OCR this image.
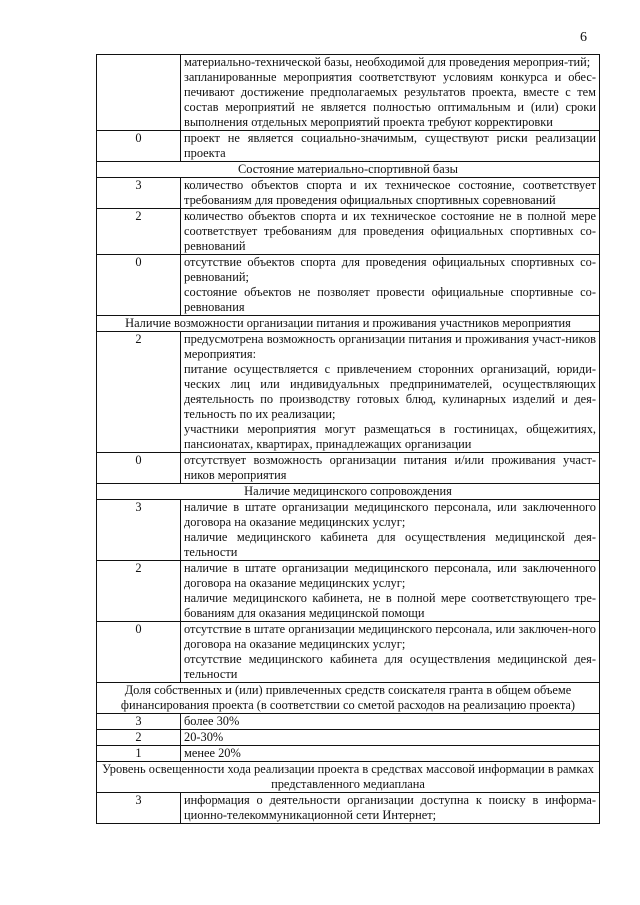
6

	материально-технической базы, необходимой для проведения мероприя-тий;

запланированные мероприятия соответствуют условиям конкурса и обес-печивают достижение предполагаемых результатов проекта, вместе с тем состав мероприятий не является полностью оптимальным и (или) сроки выполнения отдельных мероприятий проекта требуют корректировки

0	проект не является социально-значимым, существуют риски реализации проекта

Состояние материально-спортивной базы	
3	количество объектов спорта и их техническое состояние, соответствует требованиям для проведения официальных спортивных соревнований

2	количество объектов спорта и их техническое состояние не в полной мере соответствует требованиям для проведения официальных спортивных со-ревнований

0	отсутствие объектов спорта для проведения официальных спортивных со-ревнований;

состояние объектов не позволяет провести официальные спортивные со-ревнования

Наличие возможности организации питания и проживания участников мероприятия	
2	предусмотрена возможность организации питания и проживания участ-ников мероприятия:

питание осуществляется с привлечением сторонних организаций, юриди-ческих лиц или индивидуальных предпринимателей, осуществляющих деятельность по производству готовых блюд, кулинарных изделий и дея-тельность по их реализации;

участники мероприятия могут размещаться в гостиницах, общежитиях, пансионатах, квартирах, принадлежащих организации

0	отсутствует возможность организации питания и/или проживания участ-ников мероприятия

Наличие медицинского сопровождения	
3	наличие в штате организации медицинского персонала, или заключенного договора на оказание медицинских услуг;

наличие медицинского кабинета для осуществления медицинской дея-тельности

2	наличие в штате организации медицинского персонала, или заключенного договора на оказание медицинских услуг;

наличие медицинского кабинета, не в полной мере соответствующего тре-бованиям для оказания медицинской помощи

0	отсутствие в штате организации медицинского персонала, или заключен-ного договора на оказание медицинских услуг;

отсутствие медицинского кабинета для осуществления медицинской дея-тельности

Доля собственных и (или) привлеченных средств соискателя гранта в общем объеме финансирования проекта (в соответствии со сметой расходов на реализацию проекта)	
3	более 30%

2	20-30%

1	менее 20%

Уровень освещенности хода реализации проекта в средствах массовой информации в рамках представленного медиаплана	
3	информация о деятельности организации доступна к поиску в информа-ционно-телекоммуникационной сети Интернет;
